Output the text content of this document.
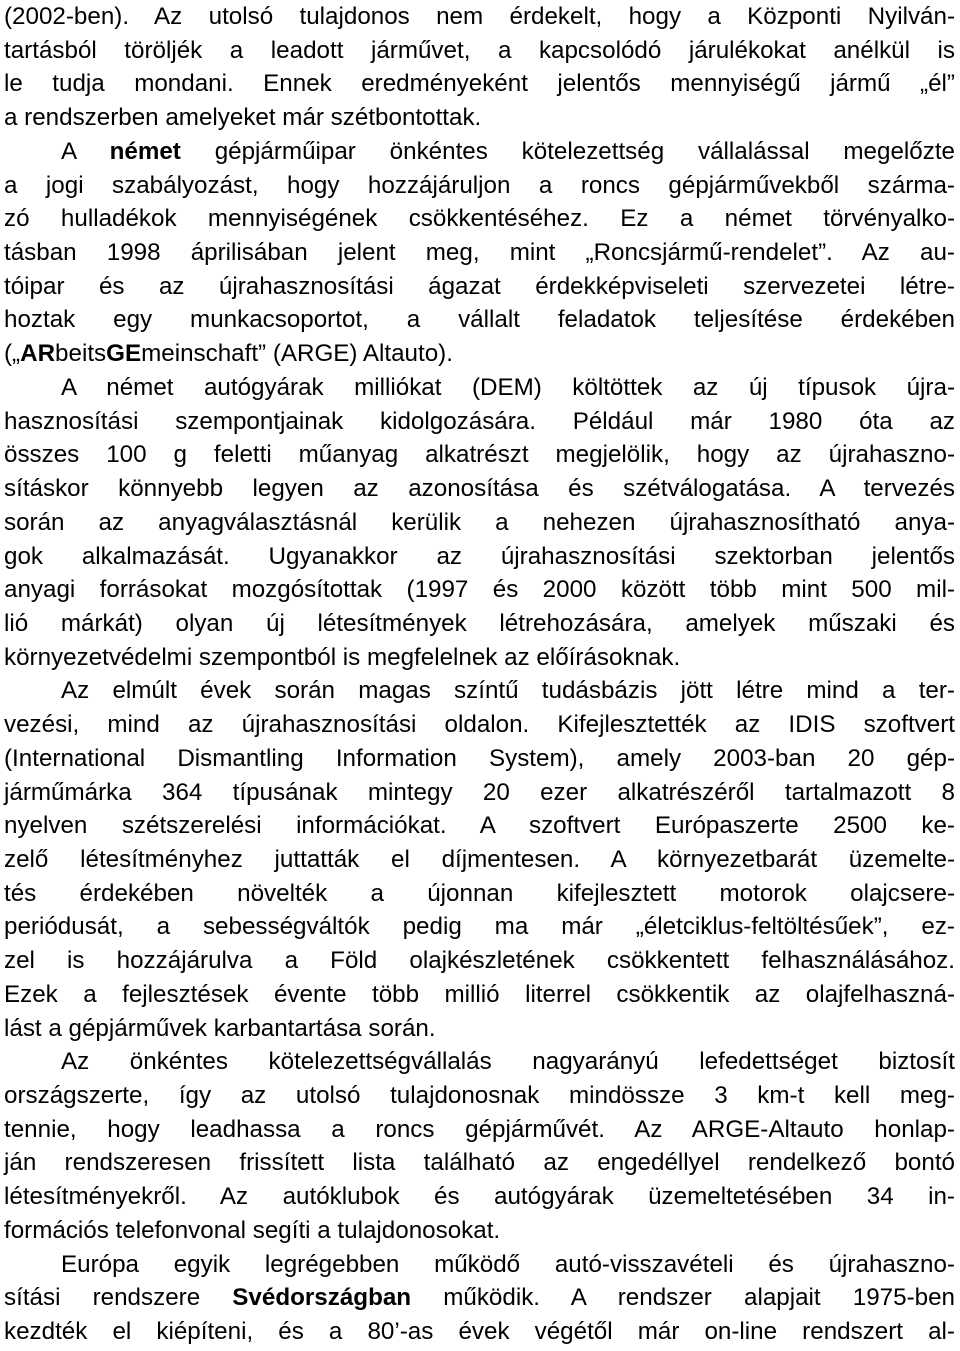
(2002-ben). Az utolsó tulajdonos nem érdekelt, hogy a Központi Nyilván-
tartásból töröljék a leadott járművet, a kapcsolódó járulékokat anélkül is
le tudja mondani. Ennek eredményeként jelentős mennyiségű jármű „él”
a rendszerben amelyeket már szétbontottak.
A német gépjárműipar önkéntes kötelezettség vállalással megelőzte
a jogi szabályozást, hogy hozzájáruljon a roncs gépjárművekből szárma-
zó hulladékok mennyiségének csökkentéséhez. Ez a német törvényalko-
tásban 1998 áprilisában jelent meg, mint „Roncsjármű-rendelet”. Az au-
tóipar és az újrahasznosítási ágazat érdekképviseleti szervezetei létre-
hoztak egy munkacsoportot, a vállalt feladatok teljesítése érdekében
(„ARbeitsGEmeinschaft” (ARGE) Altauto).
A német autógyárak milliókat (DEM) költöttek az új típusok újra-
hasznosítási szempontjainak kidolgozására. Például már 1980 óta az
összes 100 g feletti műanyag alkatrészt megjelölik, hogy az újrahaszno-
sításkor könnyebb legyen az azonosítása és szétválogatása. A tervezés
során az anyagválasztásnál kerülik a nehezen újrahasznosítható anya-
gok alkalmazását. Ugyanakkor az újrahasznosítási szektorban jelentős
anyagi forrásokat mozgósítottak (1997 és 2000 között több mint 500 mil-
lió márkát) olyan új létesítmények létrehozására, amelyek műszaki és
környezetvédelmi szempontból is megfelelnek az előírásoknak.
Az elmúlt évek során magas színtű tudásbázis jött létre mind a ter-
vezési, mind az újrahasznosítási oldalon. Kifejlesztették az IDIS szoftvert
(International Dismantling Information System), amely 2003-ban 20 gép-
járműmárka 364 típusának mintegy 20 ezer alkatrészéről tartalmazott 8
nyelven szétszerelési információkat. A szoftvert Európaszerte 2500 ke-
zelő létesítményhez juttatták el díjmentesen. A környezetbarát üzemelte-
tés érdekében növelték a újonnan kifejlesztett motorok olajcsere-
periódusát, a sebességváltók pedig ma már „életciklus-feltöltésűek”, ez-
zel is hozzájárulva a Föld olajkészletének csökkentett felhasználásához.
Ezek a fejlesztések évente több millió literrel csökkentik az olajfelhaszná-
lást a gépjárművek karbantartása során.
Az önkéntes kötelezettségvállalás nagyarányú lefedettséget biztosít
országszerte, így az utolsó tulajdonosnak mindössze 3 km-t kell meg-
tennie, hogy leadhassa a roncs gépjárművét. Az ARGE-Altauto honlap-
ján rendszeresen frissített lista található az engedéllyel rendelkező bontó
létesítményekről. Az autóklubok és autógyárak üzemeltetésében 34 in-
formációs telefonvonal segíti a tulajdonosokat.
Európa egyik legrégebben működő autó-visszavételi és újrahaszno-
sítási rendszere Svédországban működik. A rendszer alapjait 1975-ben
kezdték el kiépíteni, és a 80’-as évek végétől már on-line rendszert al-
